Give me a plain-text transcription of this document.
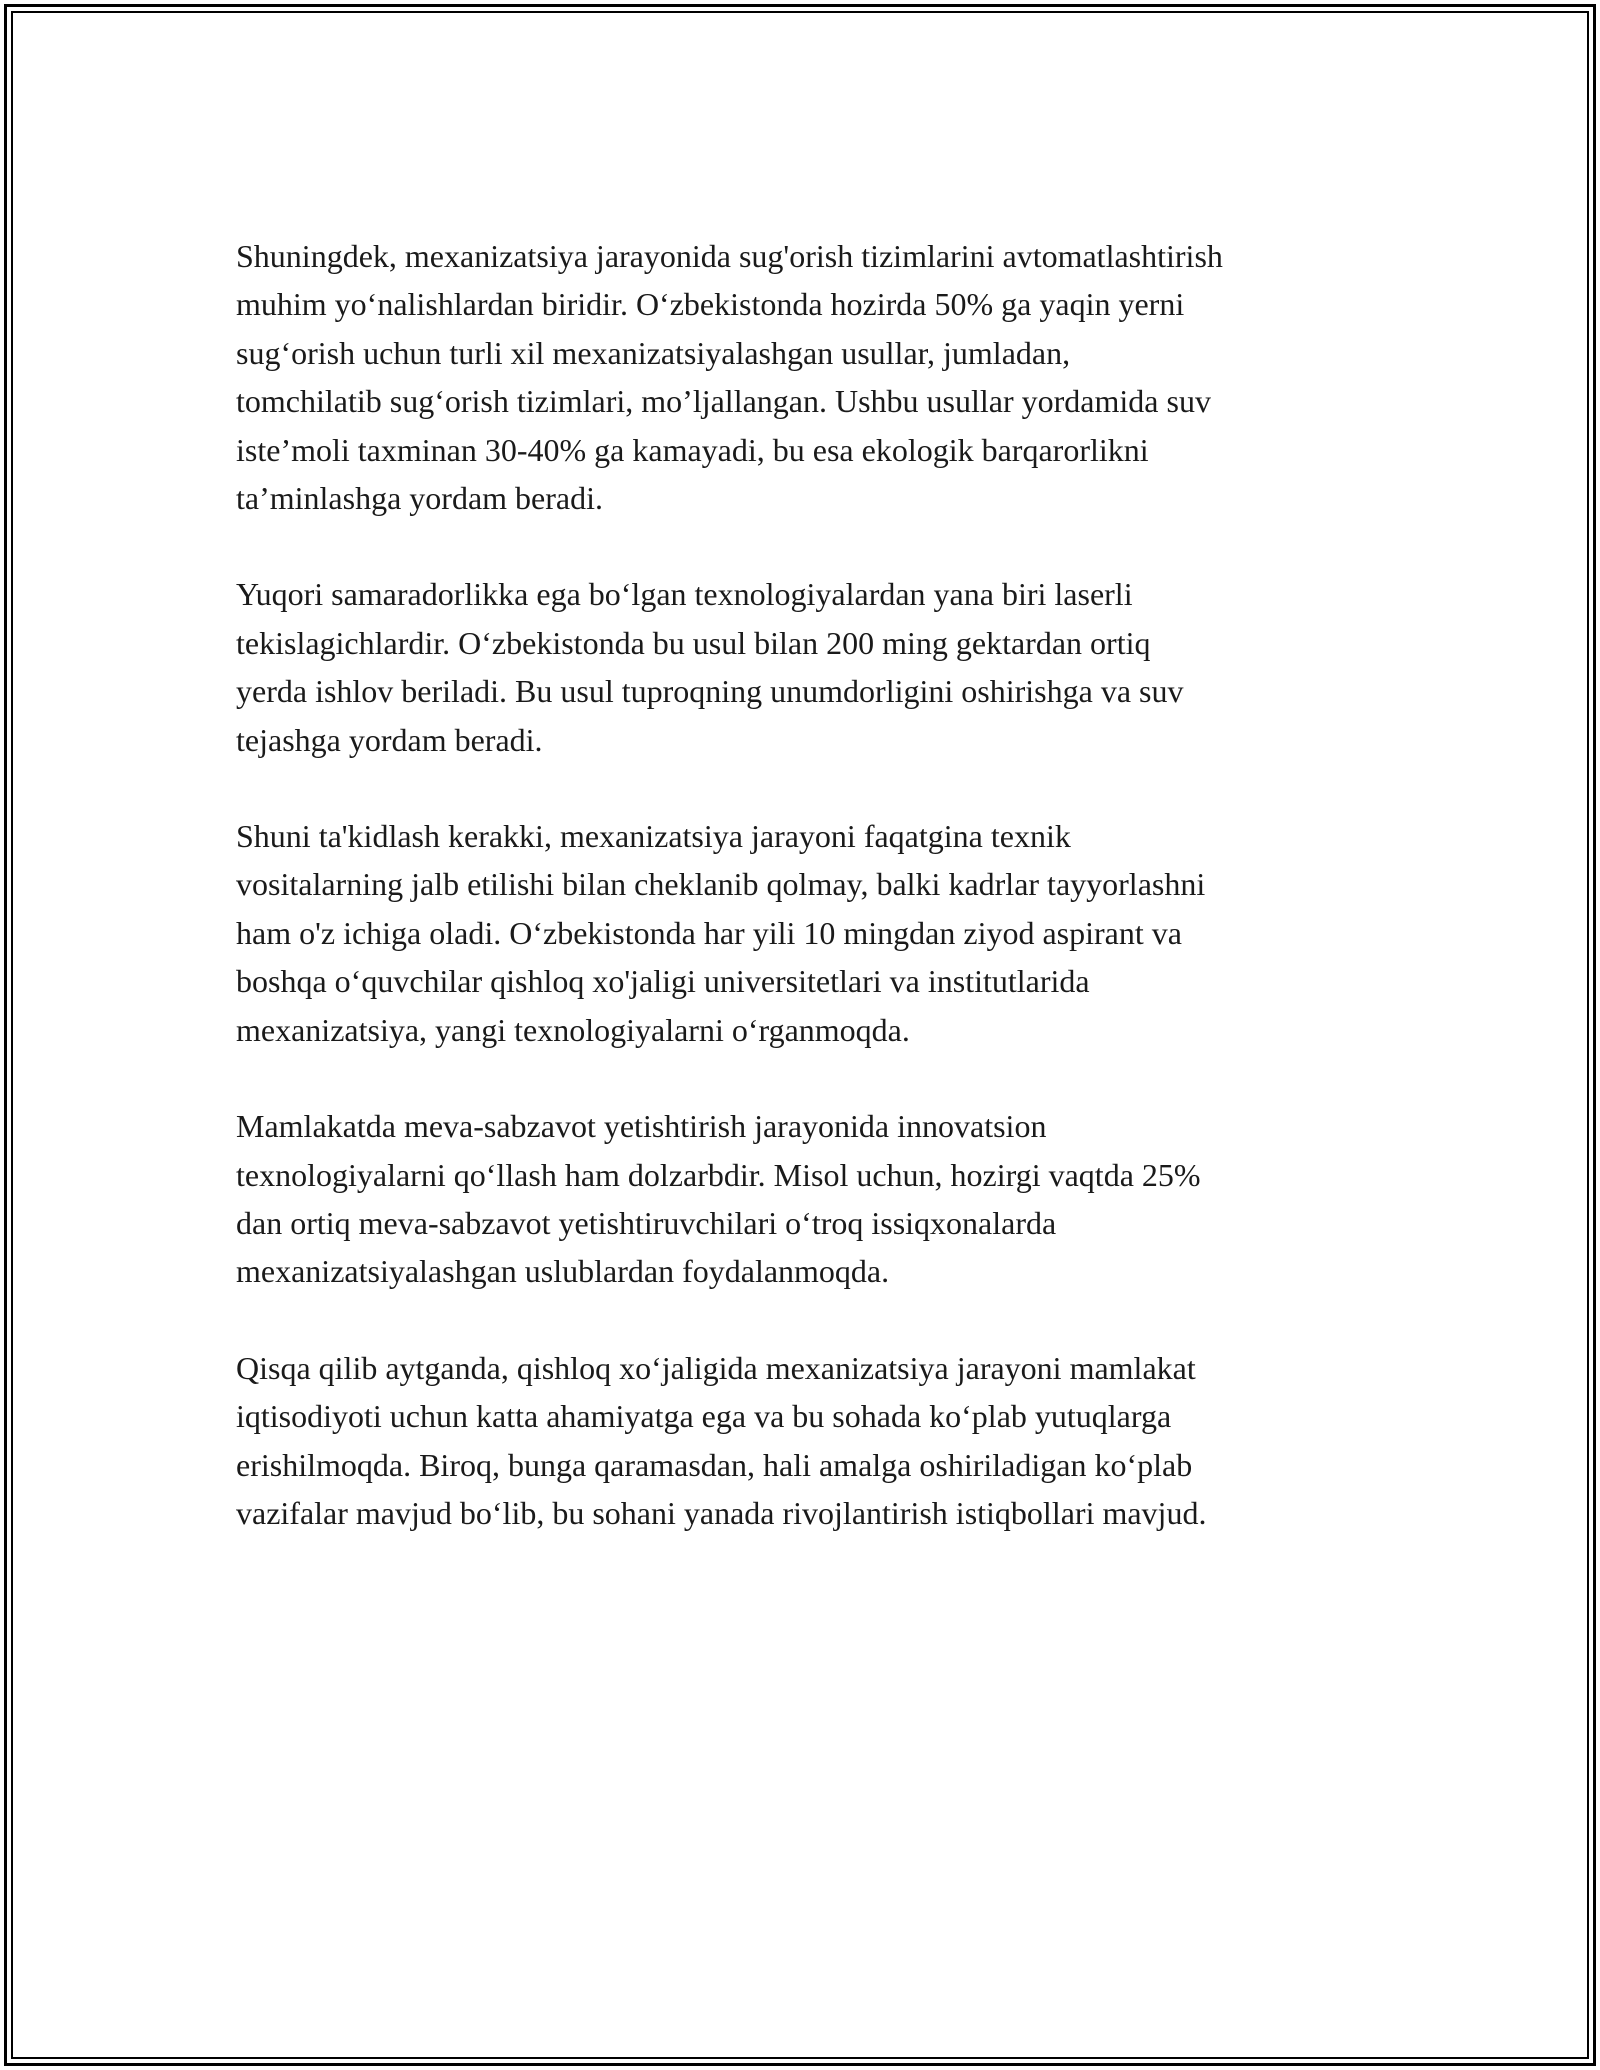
Shuningdek, mexanizatsiya jarayonida sug'orish tizimlarini avtomatlashtirish
muhim yo‘nalishlardan biridir. O‘zbekistonda hozirda 50% ga yaqin yerni
sug‘orish uchun turli xil mexanizatsiyalashgan usullar, jumladan,
tomchilatib sug‘orish tizimlari, mo’ljallangan. Ushbu usullar yordamida suv
iste’moli taxminan 30-40% ga kamayadi, bu esa ekologik barqarorlikni
ta’minlashga yordam beradi.

Yuqori samaradorlikka ega bo‘lgan texnologiyalardan yana biri laserli
tekislagichlardir. O‘zbekistonda bu usul bilan 200 ming gektardan ortiq
yerda ishlov beriladi. Bu usul tuproqning unumdorligini oshirishga va suv
tejashga yordam beradi.

Shuni ta'kidlash kerakki, mexanizatsiya jarayoni faqatgina texnik
vositalarning jalb etilishi bilan cheklanib qolmay, balki kadrlar tayyorlashni
ham o'z ichiga oladi. O‘zbekistonda har yili 10 mingdan ziyod aspirant va
boshqa o‘quvchilar qishloq xo'jaligi universitetlari va institutlarida
mexanizatsiya, yangi texnologiyalarni o‘rganmoqda.

Mamlakatda meva-sabzavot yetishtirish jarayonida innovatsion
texnologiyalarni qo‘llash ham dolzarbdir. Misol uchun, hozirgi vaqtda 25%
dan ortiq meva-sabzavot yetishtiruvchilari o‘troq issiqxonalarda
mexanizatsiyalashgan uslublardan foydalanmoqda.

Qisqa qilib aytganda, qishloq xo‘jaligida mexanizatsiya jarayoni mamlakat
iqtisodiyoti uchun katta ahamiyatga ega va bu sohada ko‘plab yutuqlarga
erishilmoqda. Biroq, bunga qaramasdan, hali amalga oshiriladigan ko‘plab
vazifalar mavjud bo‘lib, bu sohani yanada rivojlantirish istiqbollari mavjud.
